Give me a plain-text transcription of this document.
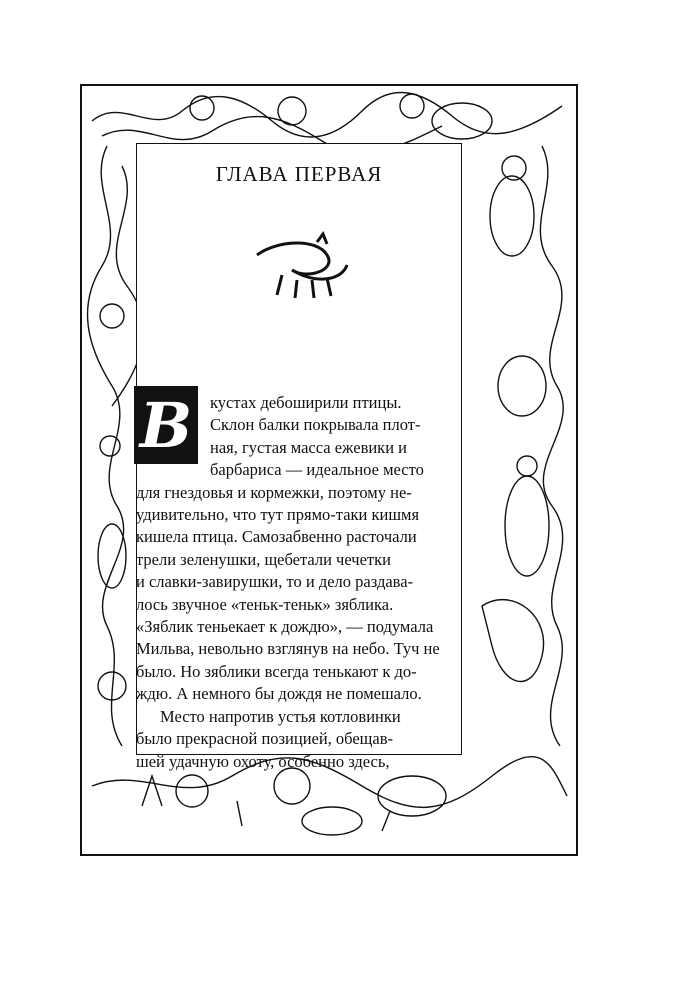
ГЛАВА ПЕРВАЯ
В	кустах дебоширили птицы.
Склон балки покрывала плот-
ная, густая масса ежевики и
барбариса — идеальное место
для гнездовья и кормежки, поэтому не-
удивительно, что тут прямо-таки кишмя
кишела птица. Самозабвенно расточали
трели зеленушки, щебетали чечетки
и славки-завирушки, то и дело раздава-
лось звучное «теньк-теньк» зяблика.
«Зяблик теньекает к дождю», — подумала
Мильва, невольно взглянув на небо. Туч не
было. Но зяблики всегда тенькают к до-
ждю. А немного бы дождя не помешало.
Место напротив устья котловинки
было прекрасной позицией, обещав-
шей удачную охоту, особенно здесь,
